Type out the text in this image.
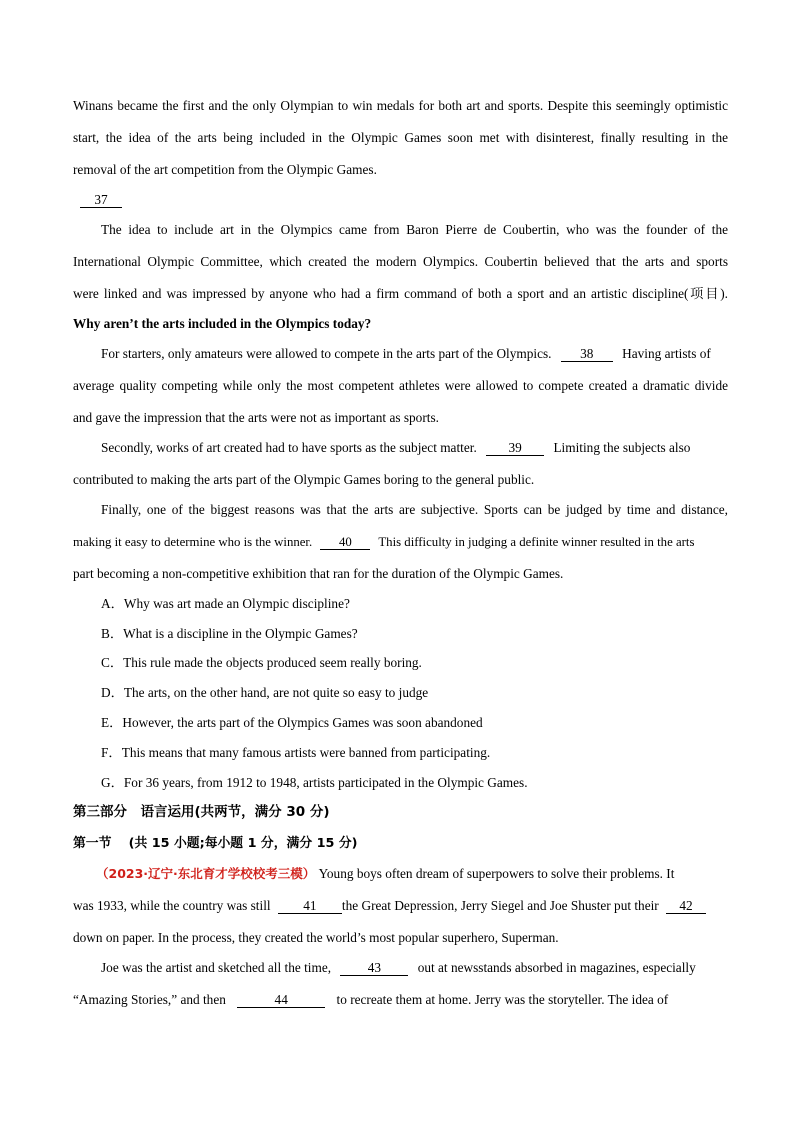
Winans became the first and the only Olympian to win medals for both art and sports. Despite this seemingly optimistic
start, the idea of the arts being included in the Olympic Games soon met with disinterest, finally resulting in the
removal of the art competition from the Olympic Games.
37
The idea to include art in the Olympics came from Baron Pierre de Coubertin, who was the founder of the
International Olympic Committee, which created the modern Olympics. Coubertin believed that the arts and sports
were linked and was impressed by anyone who had a firm command of both a sport and an artistic discipline(项目).
Why aren’t the arts included in the Olympics today?
For starters, only amateurs were allowed to compete in the arts part of the Olympics. 38 Having artists of
average quality competing while only the most competent athletes were allowed to compete created a dramatic divide
and gave the impression that the arts were not as important as sports.
Secondly, works of art created had to have sports as the subject matter. 39 Limiting the subjects also
contributed to making the arts part of the Olympic Games boring to the general public.
Finally, one of the biggest reasons was that the arts are subjective. Sports can be judged by time and distance,
making it easy to determine who is the winner. 40 This difficulty in judging a definite winner resulted in the arts
part becoming a non-competitive exhibition that ran for the duration of the Olympic Games.
A．Why was art made an Olympic discipline?
B．What is a discipline in the Olympic Games?
C．This rule made the objects produced seem really boring.
D．The arts, on the other hand, are not quite so easy to judge
E．However, the arts part of the Olympics Games was soon abandoned
F．This means that many famous artists were banned from participating.
G．For 36 years, from 1912 to 1948, artists participated in the Olympic Games.
第三部分　语言运用(共两节，满分 30 分)
第一节　 (共 15 小题;每小题 1 分，满分 15 分)
（2023·辽宁·东北育才学校校考三模） Young boys often dream of superpowers to solve their problems. It
was 1933, while the country was still 41 the Great Depression, Jerry Siegel and Joe Shuster put their 42
down on paper. In the process, they created the world’s most popular superhero, Superman.
Joe was the artist and sketched all the time,	43	out at newsstands absorbed in magazines, especially
“Amazing Stories,” and then	44	to recreate them at home. Jerry was the storyteller. The idea of
